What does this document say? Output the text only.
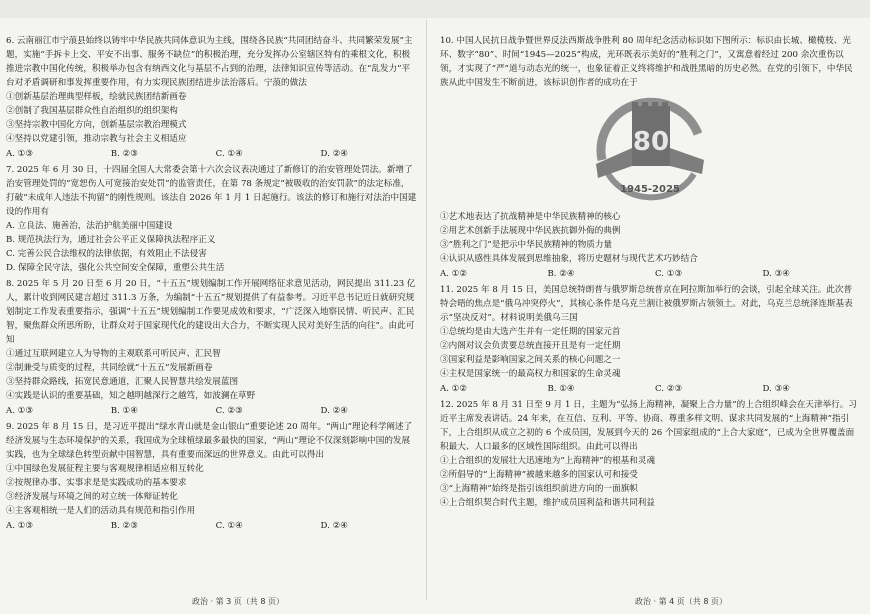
6. 云南丽江市宁蒗县始终以铸牢中华民族共同体意识为主线，围绕各民族“共同团结奋斗、共同繁荣发展”主题，实施“手拆卡上交、平安不出事、服务不缺位”的积极治理，充分发挥办公室辖区特有的乘根文化，积极推进宗教中国化传统，积极举办包含有纳西文化与基层不占到的治理，法律知识宣传等活动。在“乱发力”平台对矛盾调研和事发挥重要作用，有力实现民族团结进步法治落后。宁蒗的做法
①创新基层治理典型样板，绘就民族团结新画卷
②创制了我国基层群众性自治组织的组织架构
③坚持宗教中国化方向，创新基层宗教治理模式
④坚持以党建引领，推动宗教与社会主义相适应
A. ①③	B. ②③	C. ①④	D. ②④
7. 2025 年 6 月 30 日，十四届全国人大常委会第十六次会议表决通过了新修订的治安管理处罚法。新增了治安管理处罚的“宽恕伤人可宽接治安处罚”的监管责任，在第 78 条规定“被吸收的治安罚款”的法定标准，打破“未成年人违法不拘留”的刚性规则。该法自 2026 年 1 月 1 日起施行。该法的修订和施行对法治中国建设的作用有
A. 立良法、施善治，法治护航美丽中国建设
B. 规范执法行为，通过社会公平正义保障执法程序正义
C. 完善公民合法维权的法律依据，有效阻止不法侵害
D. 保障全民守法，强化公共空间安全保障，重塑公共生活
8. 2025 年 5 月 20 日至 6 月 20 日，“十五五”规划编制工作开展网络征求意见活动，网民提出 311.23 亿人，累计收到网民建言超过 311.3 万条，为编制“十五五”规划提供了有益参考。习近平总书记近日就研究规划制定工作发表重要指示，强调“十五五”规划编制工作要见成效和要求，“广泛深入地察民情、听民声、汇民智，聚焦群众所思所盼，让群众对于国家现代化的建设出大合力，不断实现人民对美好生活的向往”。由此可知
①通过互联网建立人为导物的主观联系可听民声、汇民智
②制兼受与质变的过程，共同绘就“十五五”发展新画卷
③坚持群众路线，拓宽民意通道，汇聚人民智慧共绘发展蓝图
④实践是认识的重要基础，知之越明越深行之越笃，如波澜在草野
A. ①③	B. ①④	C. ②③	D. ②④
9. 2025 年 8 月 15 日，是习近平提出“绿水青山就是金山银山”重要论述 20 周年。“两山”理论科学阐述了经济发展与生态环境保护的关系，我国成为全球植绿最多最快的国家，“两山”理论不仅深刻影响中国的发展实践，也为全球绿色转型贡献中国智慧，具有重要而深远的世界意义。由此可以得出
①中国绿色发展征程主要与客观规律相适应相互转化
②按规律办事、实事求是是实践成功的基本要求
③经济发展与环境之间的对立统一体辩证转化
④主客观相统一是人们的活动具有规范和指引作用
A. ①③	B. ②③	C. ①④	D. ②④
10. 中国人民抗日战争暨世界反法西斯战争胜利 80 周年纪念活动标识如下图所示：标识由长城、橄榄枝、光环、数字“80”、时间“1945—2025”构成，光环既表示美好的“胜利之门”，又寓意着经过 200 余次重伤以领，才实现了“严”道与动态光的统一，也象征着正义终将维护和战胜黑暗的历史必然。在党的引领下，中华民族从此中国发生不断前进，该标识创作者的成功在于
80
1945-2025
①艺术地表达了抗战精神是中华民族精神的核心
②用艺术创新手法展现中华民族抗御外侮的典例
③“胜利之门”是把示中华民族精神的物质力量
④认识从感性具体发展到思维抽象，将历史题材与现代艺术巧妙结合
A. ①②	B. ②④	C. ①③	D. ③④
11. 2025 年 8 月 15 日，美国总统特朗普与俄罗斯总统普京在阿拉斯加举行的会谈，引起全球关注。此次普特会晤的焦点是“俄乌冲突停火”，其核心条件是乌克兰割让被俄罗斯占领领土。对此，乌克兰总统泽连斯基表示“坚决反对”。材料说明美俄乌三国
①总统均是由大选产生并有一定任期的国家元首
②内阁对议会负责要总统直接开且是有一定任期
③国家利益是影响国家之间关系的核心问题之一
④主权是国家统一的最高权力和国家的生命灵魂
A. ①②	B. ①④	C. ②③	D. ③④
12. 2025 年 8 月 31 日至 9 月 1 日，主题为“弘扬上海精神，凝聚上合力量”的上合组织峰会在天津举行。习近平主席发表讲话。24 年来，在互信、互利、平等、协商、尊重多样文明、谋求共同发展的“上海精神”指引下，上合组织从成立之初的 6 个成员国，发展到今天的 26 个国家组成的“上合大家庭”，已成为全世界覆盖面积最大、人口最多的区域性国际组织。由此可以得出
①上合组织的发展壮大迅速地为“上海精神”的根基和灵魂
②所倡导的“上海精神”被越来越多的国家认可和接受
③“上海精神”始终是指引该组织前进方向的一面旗帜
④上合组织契合时代主题，维护成员国利益和谐共同利益
政治 · 第 3 页（共 8 页）	政治 · 第 4 页（共 8 页）
